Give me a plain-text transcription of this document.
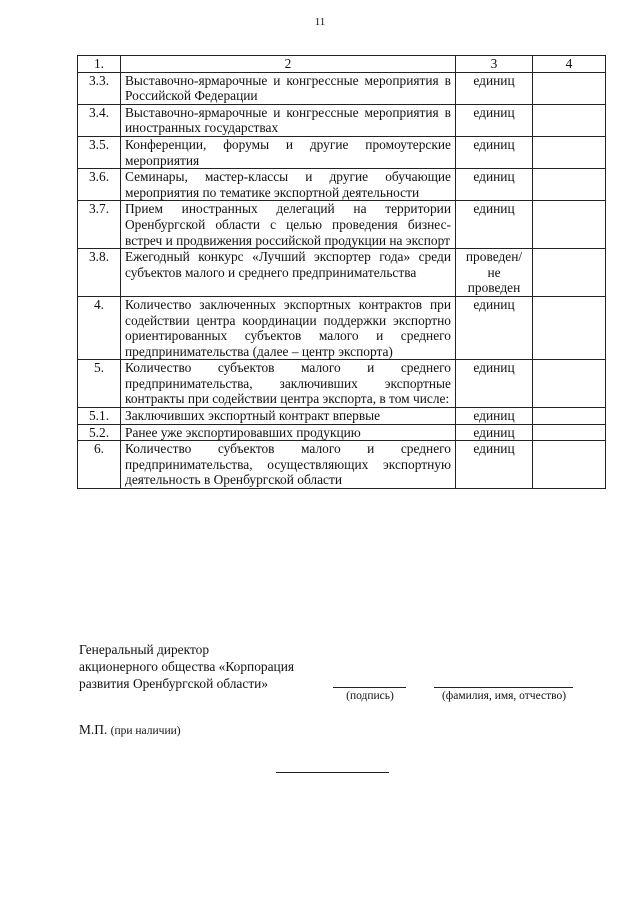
11
1.	2	3	4
3.3.	Выставочно-ярмарочные и конгрессные мероприятия в Российской Федерации	единиц	
3.4.	Выставочно-ярмарочные и конгрессные мероприятия в иностранных государствах	единиц	
3.5.	Конференции, форумы и другие промоутерские мероприятия	единиц	
3.6.	Семинары, мастер-классы и другие обучающие мероприятия по тематике экспортной деятельности	единиц	
3.7.	Прием иностранных делегаций на территории Оренбургской области с целью проведения бизнес-встреч и продвижения российской продукции на экспорт	единиц	
3.8.	Ежегодный конкурс «Лучший экспортер года» среди субъектов малого и среднего предпринимательства	проведен/ не проведен	
4.	Количество заключенных экспортных контрактов при содействии центра координации поддержки экспортно ориентированных субъектов малого и среднего предпринимательства (далее – центр экспорта)	единиц	
5.	Количество субъектов малого и среднего предпринимательства, заключивших экспортные контракты при содействии центра экспорта, в том числе:	единиц	
5.1.	Заключивших экспортный контракт впервые	единиц	
5.2.	Ранее уже экспортировавших продукцию	единиц	
6.	Количество субъектов малого и среднего предпринимательства, осуществляющих экспортную деятельность в Оренбургской области	единиц	
Генеральный директор
акционерного общества «Корпорация
развития Оренбургской области»
(подпись)	(фамилия, имя, отчество)
М.П. (при наличии)
